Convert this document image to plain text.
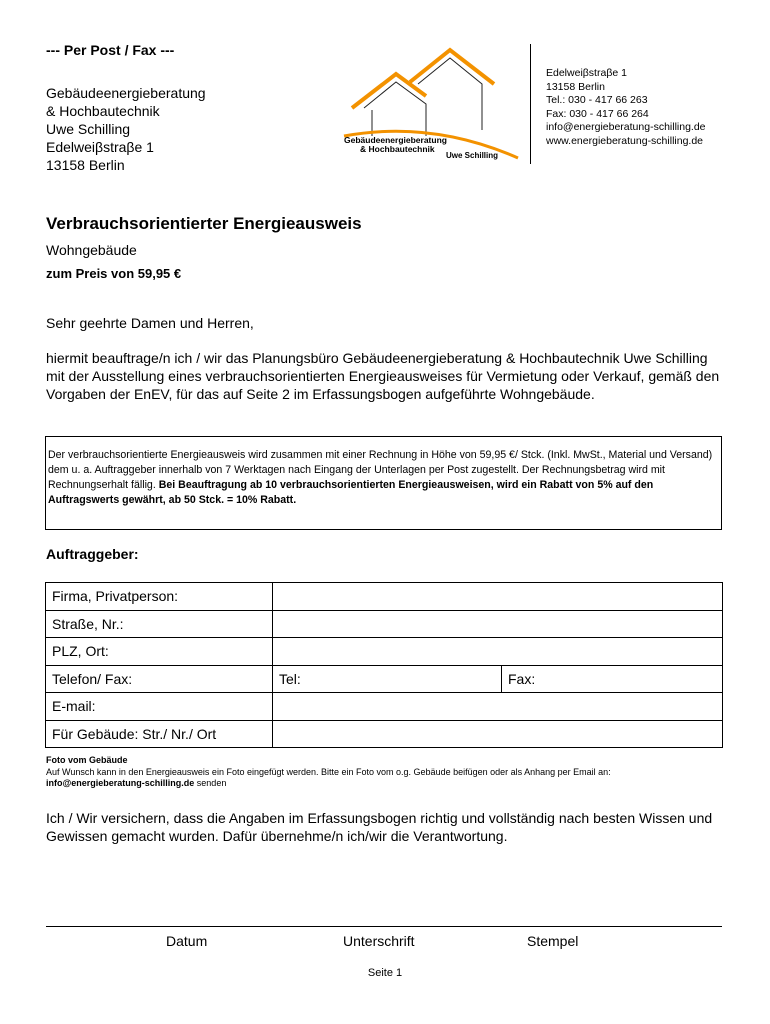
--- Per Post / Fax ---
Gebäudeenergieberatung
& Hochbautechnik
Uwe Schilling
Edelweiβstraβe 1
13158 Berlin
Gebäudeenergieberatung
& Hochbautechnik
Uwe Schilling
Edelweiβstraβe 1
13158 Berlin
Tel.: 030 - 417 66 263
Fax: 030 - 417 66 264
info@energieberatung-schilling.de
www.energieberatung-schilling.de
Verbrauchsorientierter Energieausweis
Wohngebäude
zum Preis von 59,95 €
Sehr geehrte Damen und Herren,
hiermit beauftrage/n ich / wir das Planungsbüro Gebäudeenergieberatung & Hochbautechnik Uwe Schilling mit der Ausstellung eines verbrauchsorientierten Energieausweises für Vermietung oder Verkauf, gemäß den Vorgaben der EnEV, für das auf Seite 2 im Erfassungsbogen aufgeführte Wohngebäude.
Der verbrauchsorientierte Energieausweis wird zusammen mit einer Rechnung in Höhe von 59,95 €/ Stck. (Inkl. MwSt., Material und Versand) dem u. a. Auftraggeber innerhalb von 7 Werktagen nach Eingang der Unterlagen per Post zugestellt. Der Rechnungsbetrag wird mit Rechnungserhalt fällig. Bei Beauftragung ab 10 verbrauchsorientierten Energieausweisen, wird ein Rabatt von 5% auf den Auftragswerts gewährt, ab 50 Stck. = 10% Rabatt.
Auftraggeber:
Firma, Privatperson:		
Straße, Nr.:		
PLZ, Ort:		
Telefon/ Fax:	Tel:	Fax:
E-mail:		
Für Gebäude: Str./ Nr./ Ort		
Foto vom Gebäude
Auf Wunsch kann in den Energieausweis ein Foto eingefügt werden. Bitte ein Foto vom o.g. Gebäude beifügen oder als Anhang per Email an:
info@energieberatung-schilling.de senden
Ich / Wir versichern, dass die Angaben im Erfassungsbogen richtig und vollständig nach besten Wissen und Gewissen gemacht wurden. Dafür übernehme/n ich/wir die Verantwortung.
Datum	Unterschrift	Stempel
Seite 1
